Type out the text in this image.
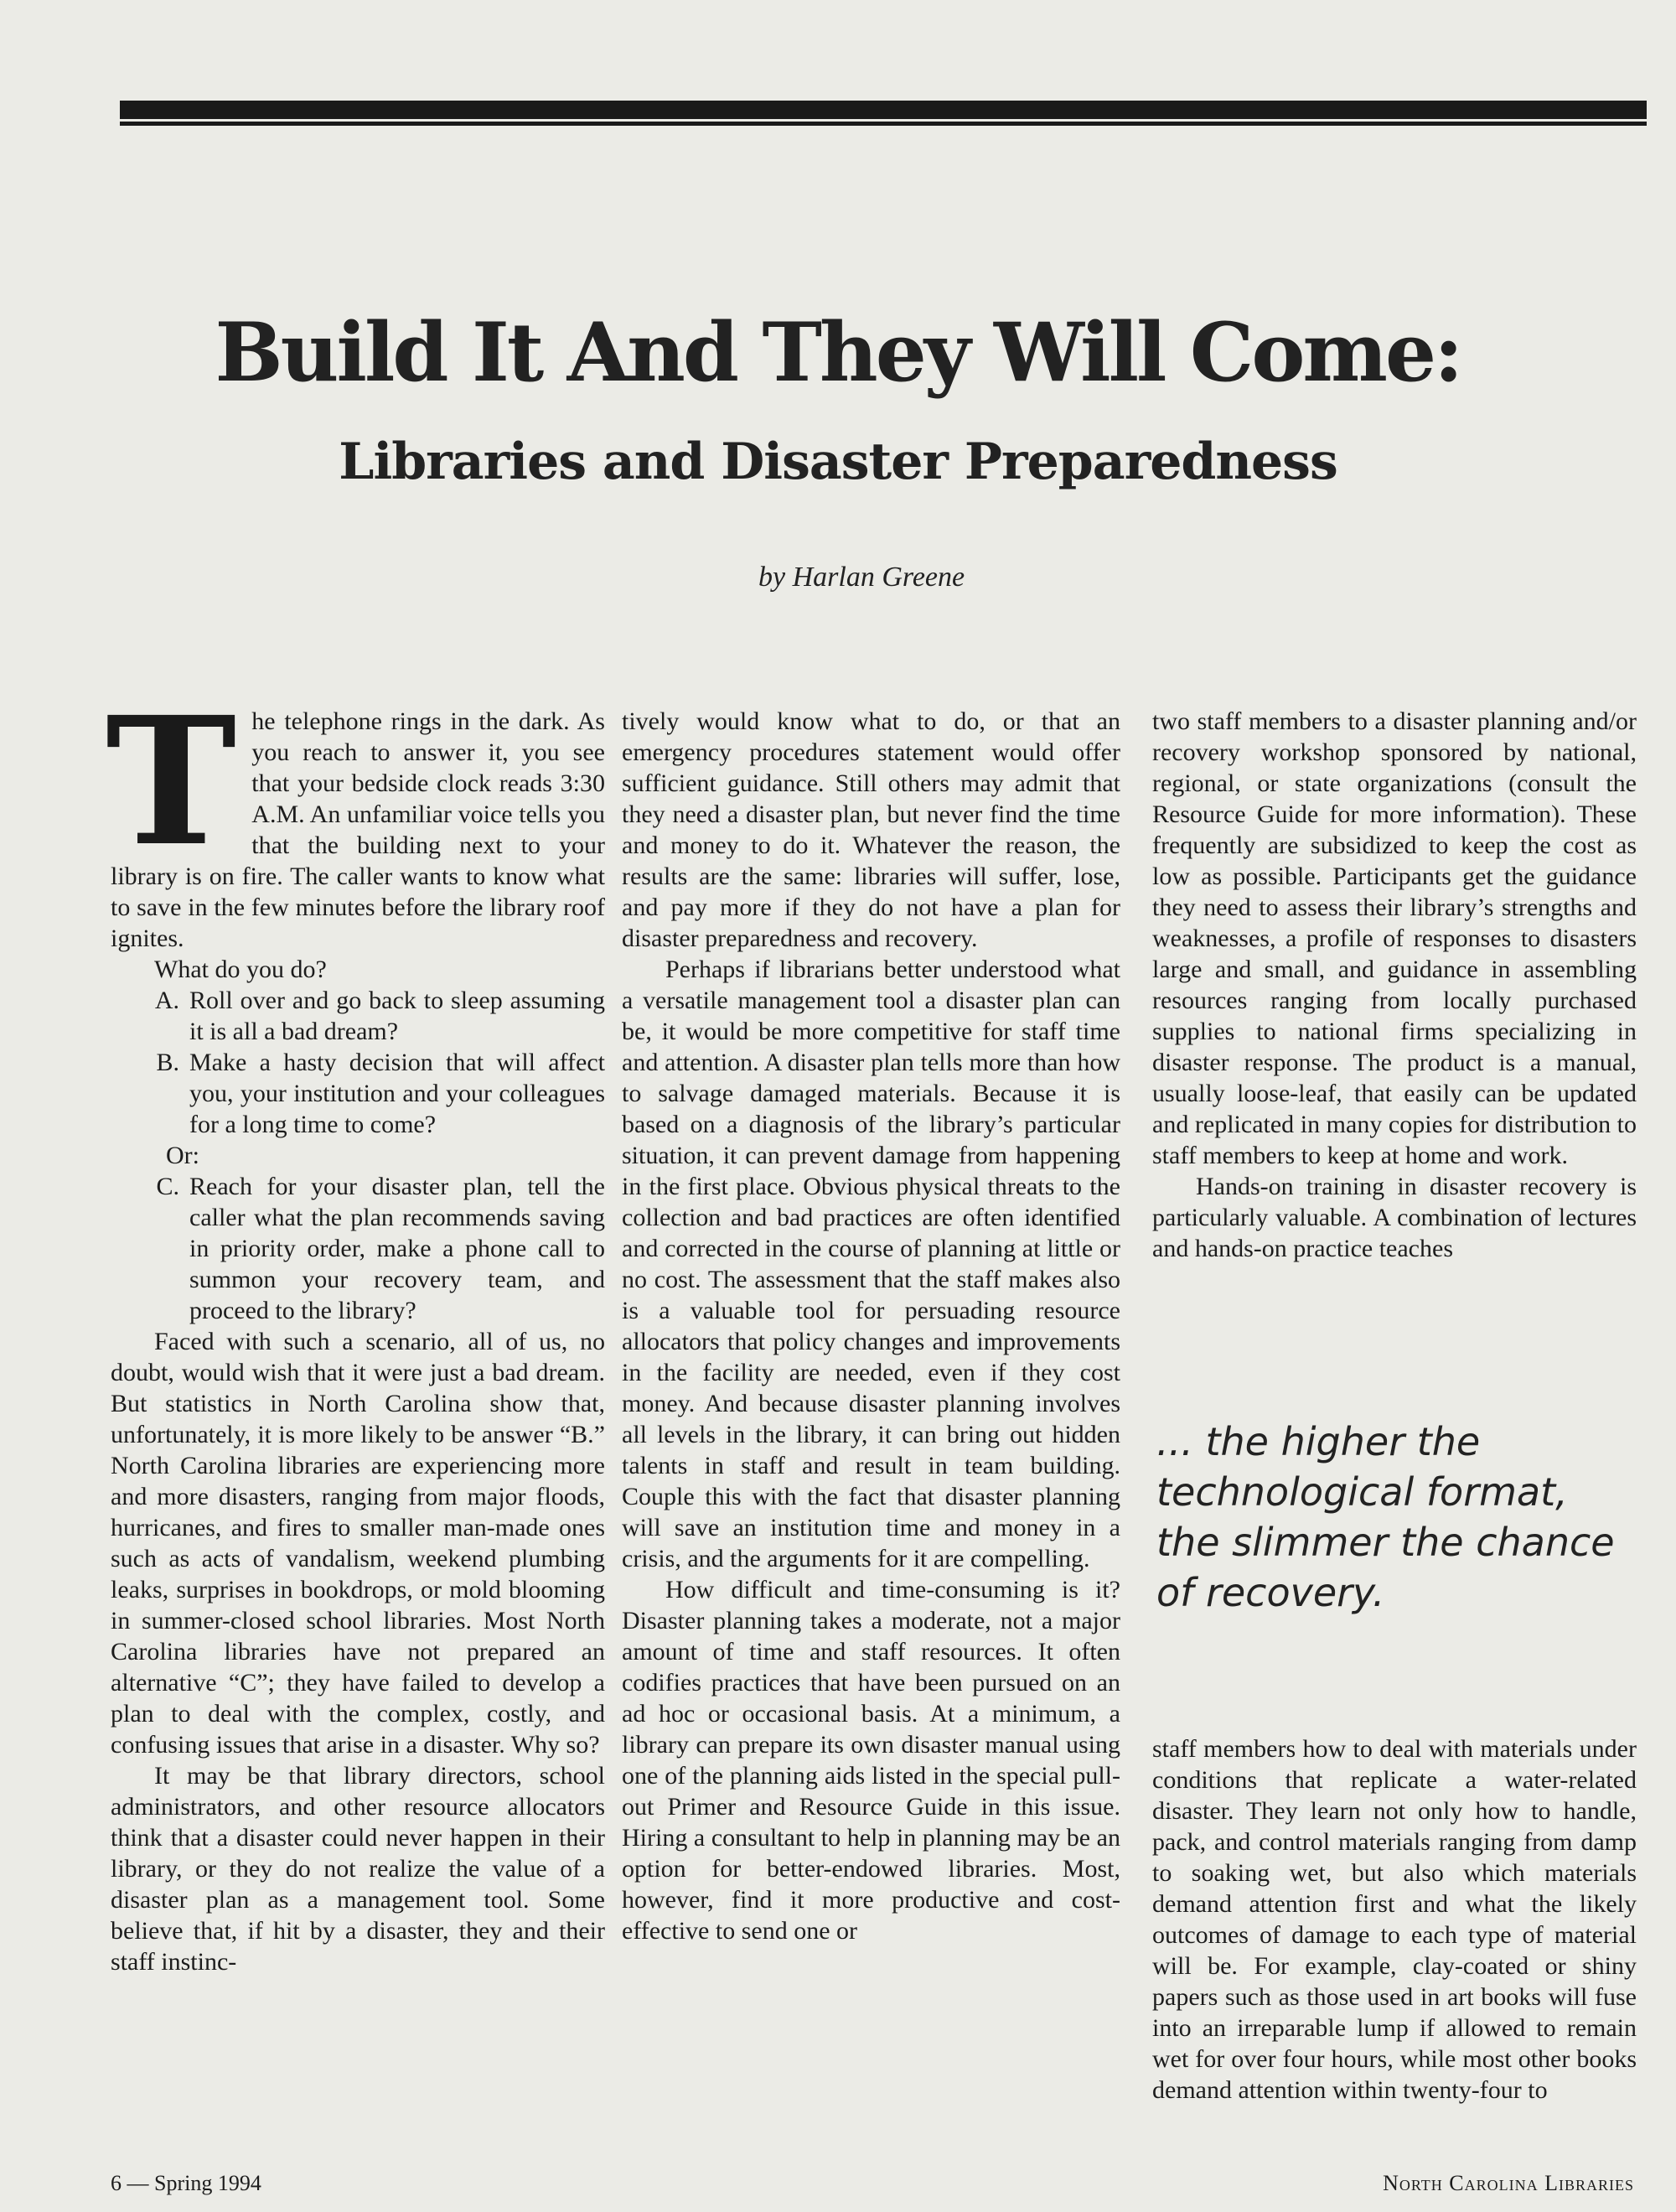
Build It And They Will Come:
Libraries and Disaster Preparedness
by Harlan Greene

The telephone rings in the dark. As you reach to answer it, you see that your bedside clock reads 3:30 A.M. An unfamiliar voice tells you that the building next to your library is on fire. The caller wants to know what to save in the few minutes before the library roof ignites.

What do you do?

A. Roll over and go back to sleep assuming it is all a bad dream?
B. Make a hasty decision that will affect you, your institution and your colleagues for a long time to come?

Or:

C. Reach for your disaster plan, tell the caller what the plan recommends saving in priority order, make a phone call to summon your recovery team, and proceed to the library?

Faced with such a scenario, all of us, no doubt, would wish that it were just a bad dream. But statistics in North Carolina show that, unfortunately, it is more likely to be answer “B.” North Carolina libraries are experiencing more and more disasters, ranging from major floods, hurricanes, and fires to smaller man-made ones such as acts of vandalism, weekend plumbing leaks, surprises in bookdrops, or mold blooming in summer-closed school libraries. Most North Carolina libraries have not prepared an alternative “C”; they have failed to develop a plan to deal with the complex, costly, and confusing issues that arise in a disaster. Why so?

It may be that library directors, school administrators, and other resource allocators think that a disaster could never happen in their library, or they do not realize the value of a disaster plan as a management tool. Some believe that, if hit by a disaster, they and their staff instinc-

tively would know what to do, or that an emergency procedures statement would offer sufficient guidance. Still others may admit that they need a disaster plan, but never find the time and money to do it. Whatever the reason, the results are the same: libraries will suffer, lose, and pay more if they do not have a plan for disaster preparedness and recovery.

Perhaps if librarians better understood what a versatile management tool a disaster plan can be, it would be more competitive for staff time and attention. A disaster plan tells more than how to salvage damaged materials. Because it is based on a diagnosis of the library’s particular situation, it can prevent damage from happening in the first place. Obvious physical threats to the collection and bad practices are often identified and corrected in the course of planning at little or no cost. The assessment that the staff makes also is a valuable tool for persuading resource allocators that policy changes and improvements in the facility are needed, even if they cost money. And because disaster planning involves all levels in the library, it can bring out hidden talents in staff and result in team building. Couple this with the fact that disaster planning will save an institution time and money in a crisis, and the arguments for it are compelling.

How difficult and time-consuming is it? Disaster planning takes a moderate, not a major amount of time and staff resources. It often codifies practices that have been pursued on an ad hoc or occasional basis. At a minimum, a library can prepare its own disaster manual using one of the planning aids listed in the special pull-out Primer and Resource Guide in this issue. Hiring a consultant to help in planning may be an option for better-endowed libraries. Most, however, find it more productive and cost-effective to send one or

two staff members to a disaster planning and/or recovery workshop sponsored by national, regional, or state organizations (consult the Resource Guide for more information). These frequently are subsidized to keep the cost as low as possible. Participants get the guidance they need to assess their library’s strengths and weaknesses, a profile of responses to disasters large and small, and guidance in assembling resources ranging from locally purchased supplies to national firms specializing in disaster response. The product is a manual, usually loose-leaf, that easily can be updated and replicated in many copies for distribution to staff members to keep at home and work.

Hands-on training in disaster recovery is particularly valuable. A combination of lectures and hands-on practice teaches

... the higher the technological format, the slimmer the chance of recovery.

staff members how to deal with materials under conditions that replicate a water-related disaster. They learn not only how to handle, pack, and control materials ranging from damp to soaking wet, but also which materials demand attention first and what the likely outcomes of damage to each type of material will be. For example, clay-coated or shiny papers such as those used in art books will fuse into an irreparable lump if allowed to remain wet for over four hours, while most other books demand attention within twenty-four to

6 — Spring 1994	North Carolina Libraries
